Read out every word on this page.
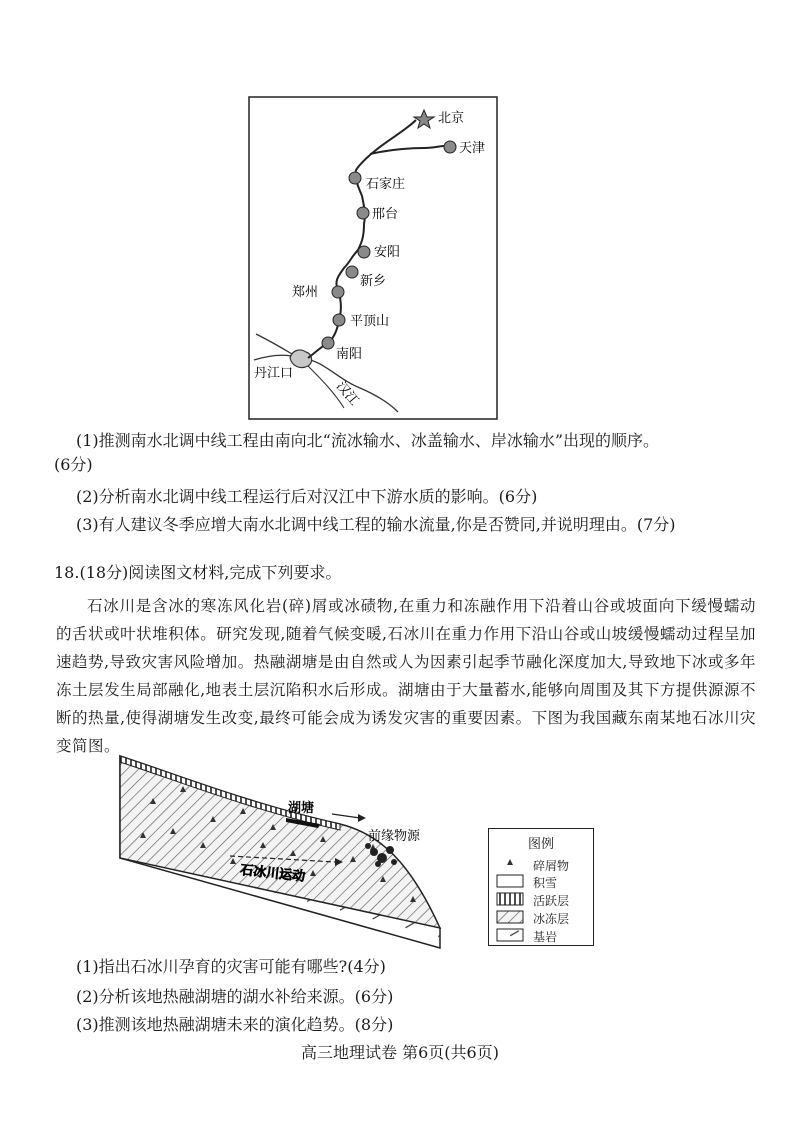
北京
天津
石家庄
邢台
安阳
新乡
郑州
平顶山
南阳
丹江口
汉江
(1)推测南水北调中线工程由南向北“流冰输水、冰盖输水、岸冰输水”出现的顺序。
(6分)
(2)分析南水北调中线工程运行后对汉江中下游水质的影响。(6分)
(3)有人建议冬季应增大南水北调中线工程的输水流量,你是否赞同,并说明理由。(7分)
18.(18分)阅读图文材料,完成下列要求。
石冰川是含冰的寒冻风化岩(碎)屑或冰碛物,在重力和冻融作用下沿着山谷或坡面向下缓慢蠕动的舌状或叶状堆积体。研究发现,随着气候变暖,石冰川在重力作用下沿山谷或山坡缓慢蠕动过程呈加速趋势,导致灾害风险增加。热融湖塘是由自然或人为因素引起季节融化深度加大,导致地下冰或多年冻土层发生局部融化,地表土层沉陷积水后形成。湖塘由于大量蓄水,能够向周围及其下方提供源源不断的热量,使得湖塘发生改变,最终可能会成为诱发灾害的重要因素。下图为我国藏东南某地石冰川灾变简图。
湖塘
前缘物源
石冰川运动
图例
碎屑物
积雪
活跃层
冰冻层
基岩
(1)指出石冰川孕育的灾害可能有哪些?(4分)
(2)分析该地热融湖塘的湖水补给来源。(6分)
(3)推测该地热融湖塘未来的演化趋势。(8分)
高三地理试卷 第6页(共6页)
